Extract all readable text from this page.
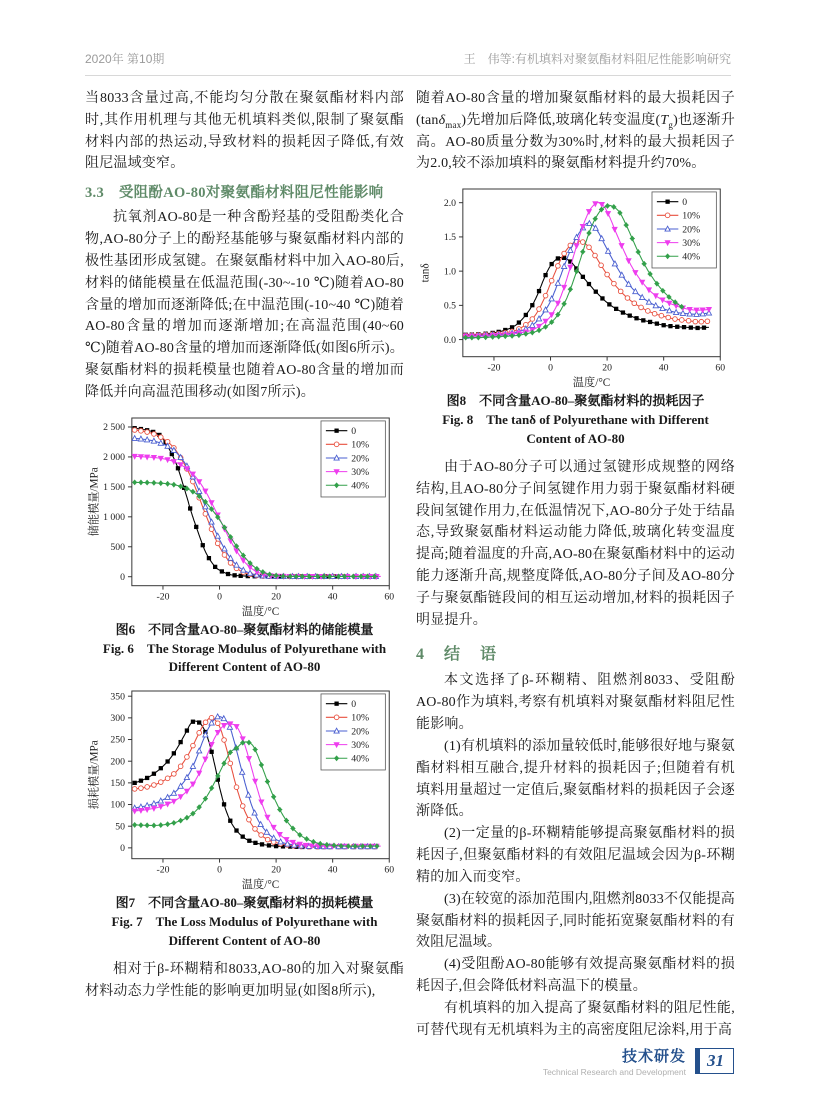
2020年 第10期	王　伟等:有机填料对聚氨酯材料阻尼性能影响研究

当8033含量过高,不能均匀分散在聚氨酯材料内部时,其作用机理与其他无机填料类似,限制了聚氨酯材料内部的热运动,导致材料的损耗因子降低,有效阻尼温域变窄。

3.3　受阻酚AO-80对聚氨酯材料阻尼性能影响

抗氧剂AO-80是一种含酚羟基的受阻酚类化合物,AO-80分子上的酚羟基能够与聚氨酯材料内部的极性基团形成氢键。在聚氨酯材料中加入AO-80后,材料的储能模量在低温范围(-30~-10 ℃)随着AO-80含量的增加而逐渐降低;在中温范围(-10~40 ℃)随着AO-80含量的增加而逐渐增加;在高温范围(40~60 ℃)随着AO-80含量的增加而逐渐降低(如图6所示)。聚氨酯材料的损耗模量也随着AO-80含量的增加而降低并向高温范围移动(如图7所示)。

-20	0	20	40	60
0
500
1 000
1 500
2 000
2 500
温度/°C
储能模量/MPa
0
10%
20%
30%
40%
图6　不同含量AO-80–聚氨酯材料的储能模量
Fig. 6　The Storage Modulus of Polyurethane with Different Content of AO-80
-20	0	20	40	60
0
50
100
150
200
250
300
350
温度/°C
损耗模量/MPa
0
10%
20%
30%
40%
图7　不同含量AO-80–聚氨酯材料的损耗模量
Fig. 7　The Loss Modulus of Polyurethane with Different Content of AO-80

相对于β-环糊精和8033,AO-80的加入对聚氨酯材料动态力学性能的影响更加明显(如图8所示),

随着AO-80含量的增加聚氨酯材料的最大损耗因子(tanδ$_{max}$)先增加后降低,玻璃化转变温度$(T_g)$也逐渐升高。AO-80质量分数为30%时,材料的最大损耗因子为2.0,较不添加填料的聚氨酯材料提升约70%。

-20	0	20	40	60
0.0
0.5
1.0
1.5
2.0
温度/°C
tanδ
0
10%
20%
30%
40%
图8　不同含量AO-80–聚氨酯材料的损耗因子
Fig. 8　The tanδ of Polyurethane with Different Content of AO-80

由于AO-80分子可以通过氢键形成规整的网络结构,且AO-80分子间氢键作用力弱于聚氨酯材料硬段间氢键作用力,在低温情况下,AO-80分子处于结晶态,导致聚氨酯材料运动能力降低,玻璃化转变温度提高;随着温度的升高,AO-80在聚氨酯材料中的运动能力逐渐升高,规整度降低,AO-80分子间及AO-80分子与聚氨酯链段间的相互运动增加,材料的损耗因子明显提升。

4　结　语

本文选择了β-环糊精、阻燃剂8033、受阻酚AO-80作为填料,考察有机填料对聚氨酯材料阻尼性能影响。

(1)有机填料的添加量较低时,能够很好地与聚氨酯材料相互融合,提升材料的损耗因子;但随着有机填料用量超过一定值后,聚氨酯材料的损耗因子会逐渐降低。

(2)一定量的β-环糊精能够提高聚氨酯材料的损耗因子,但聚氨酯材料的有效阻尼温域会因为β-环糊精的加入而变窄。

(3)在较宽的添加范围内,阻燃剂8033不仅能提高聚氨酯材料的损耗因子,同时能拓宽聚氨酯材料的有效阻尼温域。

(4)受阻酚AO-80能够有效提高聚氨酯材料的损耗因子,但会降低材料高温下的模量。

有机填料的加入提高了聚氨酯材料的阻尼性能,可替代现有无机填料为主的高密度阻尼涂料,用于高

技术研发
Technical Research and Development
31
